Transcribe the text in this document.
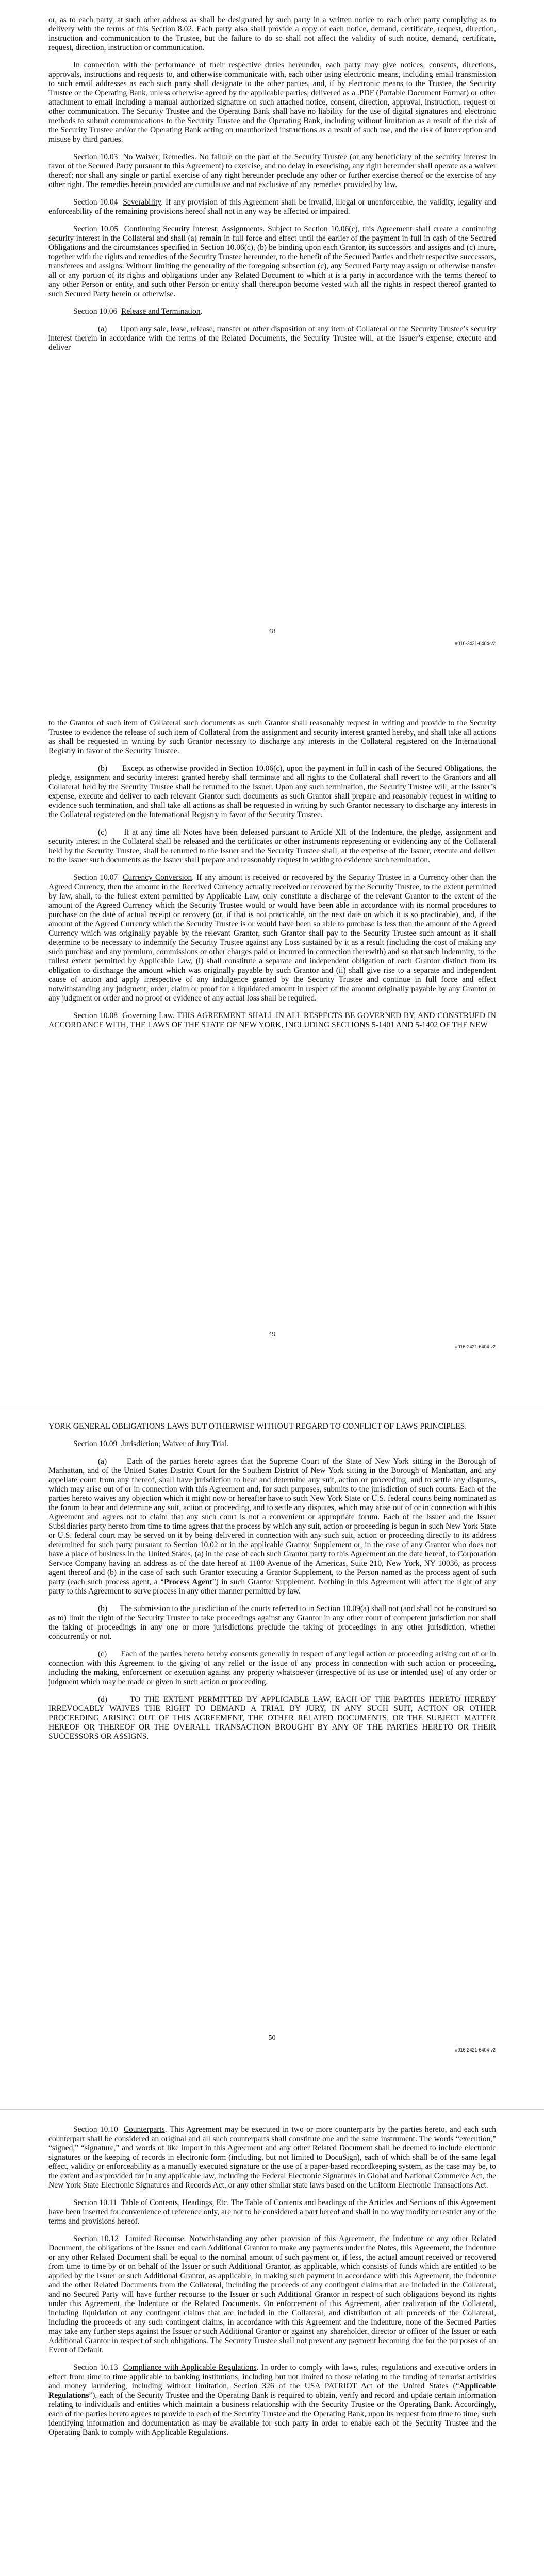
or, as to each party, at such other address as shall be designated by such party in a written notice to each other party complying as to delivery with the terms of this Section 8.02. Each party also shall provide a copy of each notice, demand, certificate, request, direction, instruction and communication to the Trustee, but the failure to do so shall not affect the validity of such notice, demand, certificate, request, direction, instruction or communication.

In connection with the performance of their respective duties hereunder, each party may give notices, consents, directions, approvals, instructions and requests to, and otherwise communicate with, each other using electronic means, including email transmission to such email addresses as each such party shall designate to the other parties, and, if by electronic means to the Trustee, the Security Trustee or the Operating Bank, unless otherwise agreed by the applicable parties, delivered as a .PDF (Portable Document Format) or other attachment to email including a manual authorized signature on such attached notice, consent, direction, approval, instruction, request or other communication. The Security Trustee and the Operating Bank shall have no liability for the use of digital signatures and electronic methods to submit communications to the Security Trustee and the Operating Bank, including without limitation as a result of the risk of the Security Trustee and/or the Operating Bank acting on unauthorized instructions as a result of such use, and the risk of interception and misuse by third parties.

Section 10.03 No Waiver; Remedies. No failure on the part of the Security Trustee (or any beneficiary of the security interest in favor of the Secured Party pursuant to this Agreement) to exercise, and no delay in exercising, any right hereunder shall operate as a waiver thereof; nor shall any single or partial exercise of any right hereunder preclude any other or further exercise thereof or the exercise of any other right. The remedies herein provided are cumulative and not exclusive of any remedies provided by law.

Section 10.04 Severability. If any provision of this Agreement shall be invalid, illegal or unenforceable, the validity, legality and enforceability of the remaining provisions hereof shall not in any way be affected or impaired.

Section 10.05 Continuing Security Interest; Assignments. Subject to Section 10.06(c), this Agreement shall create a continuing security interest in the Collateral and shall (a) remain in full force and effect until the earlier of the payment in full in cash of the Secured Obligations and the circumstances specified in Section 10.06(c), (b) be binding upon each Grantor, its successors and assigns and (c) inure, together with the rights and remedies of the Security Trustee hereunder, to the benefit of the Secured Parties and their respective successors, transferees and assigns. Without limiting the generality of the foregoing subsection (c), any Secured Party may assign or otherwise transfer all or any portion of its rights and obligations under any Related Document to which it is a party in accordance with the terms thereof to any other Person or entity, and such other Person or entity shall thereupon become vested with all the rights in respect thereof granted to such Secured Party herein or otherwise.

Section 10.06 Release and Termination.

(a)      Upon any sale, lease, release, transfer or other disposition of any item of Collateral or the Security Trustee’s security interest therein in accordance with the terms of the Related Documents, the Security Trustee will, at the Issuer’s expense, execute and deliver

48
#016-2421-6404-v2

to the Grantor of such item of Collateral such documents as such Grantor shall reasonably request in writing and provide to the Security Trustee to evidence the release of such item of Collateral from the assignment and security interest granted hereby, and shall take all actions as shall be requested in writing by such Grantor necessary to discharge any interests in the Collateral registered on the International Registry in favor of the Security Trustee.

(b)      Except as otherwise provided in Section 10.06(c), upon the payment in full in cash of the Secured Obligations, the pledge, assignment and security interest granted hereby shall terminate and all rights to the Collateral shall revert to the Grantors and all Collateral held by the Security Trustee shall be returned to the Issuer. Upon any such termination, the Security Trustee will, at the Issuer’s expense, execute and deliver to each relevant Grantor such documents as such Grantor shall prepare and reasonably request in writing to evidence such termination, and shall take all actions as shall be requested in writing by such Grantor necessary to discharge any interests in the Collateral registered on the International Registry in favor of the Security Trustee.

(c)      If at any time all Notes have been defeased pursuant to Article XII of the Indenture, the pledge, assignment and security interest in the Collateral shall be released and the certificates or other instruments representing or evidencing any of the Collateral held by the Security Trustee, shall be returned to the Issuer and the Security Trustee shall, at the expense of the Issuer, execute and deliver to the Issuer such documents as the Issuer shall prepare and reasonably request in writing to evidence such termination.

Section 10.07 Currency Conversion. If any amount is received or recovered by the Security Trustee in a Currency other than the Agreed Currency, then the amount in the Received Currency actually received or recovered by the Security Trustee, to the extent permitted by law, shall, to the fullest extent permitted by Applicable Law, only constitute a discharge of the relevant Grantor to the extent of the amount of the Agreed Currency which the Security Trustee would or would have been able in accordance with its normal procedures to purchase on the date of actual receipt or recovery (or, if that is not practicable, on the next date on which it is so practicable), and, if the amount of the Agreed Currency which the Security Trustee is or would have been so able to purchase is less than the amount of the Agreed Currency which was originally payable by the relevant Grantor, such Grantor shall pay to the Security Trustee such amount as it shall determine to be necessary to indemnify the Security Trustee against any Loss sustained by it as a result (including the cost of making any such purchase and any premium, commissions or other charges paid or incurred in connection therewith) and so that such indemnity, to the fullest extent permitted by Applicable Law, (i) shall constitute a separate and independent obligation of each Grantor distinct from its obligation to discharge the amount which was originally payable by such Grantor and (ii) shall give rise to a separate and independent cause of action and apply irrespective of any indulgence granted by the Security Trustee and continue in full force and effect notwithstanding any judgment, order, claim or proof for a liquidated amount in respect of the amount originally payable by any Grantor or any judgment or order and no proof or evidence of any actual loss shall be required.

Section 10.08 Governing Law. THIS AGREEMENT SHALL IN ALL RESPECTS BE GOVERNED BY, AND CONSTRUED IN ACCORDANCE WITH, THE LAWS OF THE STATE OF NEW YORK, INCLUDING SECTIONS 5-1401 AND 5-1402 OF THE NEW

49
#016-2421-6404-v2

YORK GENERAL OBLIGATIONS LAWS BUT OTHERWISE WITHOUT REGARD TO CONFLICT OF LAWS PRINCIPLES.

Section 10.09 Jurisdiction; Waiver of Jury Trial.

(a)      Each of the parties hereto agrees that the Supreme Court of the State of New York sitting in the Borough of Manhattan, and of the United States District Court for the Southern District of New York sitting in the Borough of Manhattan, and any appellate court from any thereof, shall have jurisdiction to hear and determine any suit, action or proceeding, and to settle any disputes, which may arise out of or in connection with this Agreement and, for such purposes, submits to the jurisdiction of such courts. Each of the parties hereto waives any objection which it might now or hereafter have to such New York State or U.S. federal courts being nominated as the forum to hear and determine any suit, action or proceeding, and to settle any disputes, which may arise out of or in connection with this Agreement and agrees not to claim that any such court is not a convenient or appropriate forum. Each of the Issuer and the Issuer Subsidiaries party hereto from time to time agrees that the process by which any suit, action or proceeding is begun in such New York State or U.S. federal court may be served on it by being delivered in connection with any such suit, action or proceeding directly to its address determined for such party pursuant to Section 10.02 or in the applicable Grantor Supplement or, in the case of any Grantor who does not have a place of business in the United States, (a) in the case of each such Grantor party to this Agreement on the date hereof, to Corporation Service Company having an address as of the date hereof at 1180 Avenue of the Americas, Suite 210, New York, NY 10036, as process agent thereof and (b) in the case of each such Grantor executing a Grantor Supplement, to the Person named as the process agent of such party (each such process agent, a “Process Agent”) in such Grantor Supplement. Nothing in this Agreement will affect the right of any party to this Agreement to serve process in any other manner permitted by law.

(b)      The submission to the jurisdiction of the courts referred to in Section 10.09(a) shall not (and shall not be construed so as to) limit the right of the Security Trustee to take proceedings against any Grantor in any other court of competent jurisdiction nor shall the taking of proceedings in any one or more jurisdictions preclude the taking of proceedings in any other jurisdiction, whether concurrently or not.

(c)      Each of the parties hereto hereby consents generally in respect of any legal action or proceeding arising out of or in connection with this Agreement to the giving of any relief or the issue of any process in connection with such action or proceeding, including the making, enforcement or execution against any property whatsoever (irrespective of its use or intended use) of any order or judgment which may be made or given in such action or proceeding.

(d)      TO THE EXTENT PERMITTED BY APPLICABLE LAW, EACH OF THE PARTIES HERETO HEREBY IRREVOCABLY WAIVES THE RIGHT TO DEMAND A TRIAL BY JURY, IN ANY SUCH SUIT, ACTION OR OTHER PROCEEDING ARISING OUT OF THIS AGREEMENT, THE OTHER RELATED DOCUMENTS, OR THE SUBJECT MATTER HEREOF OR THEREOF OR THE OVERALL TRANSACTION BROUGHT BY ANY OF THE PARTIES HERETO OR THEIR SUCCESSORS OR ASSIGNS.

50
#016-2421-6404-v2

Section 10.10 Counterparts. This Agreement may be executed in two or more counterparts by the parties hereto, and each such counterpart shall be considered an original and all such counterparts shall constitute one and the same instrument. The words “execution,” “signed,” “signature,” and words of like import in this Agreement and any other Related Document shall be deemed to include electronic signatures or the keeping of records in electronic form (including, but not limited to DocuSign), each of which shall be of the same legal effect, validity or enforceability as a manually executed signature or the use of a paper-based recordkeeping system, as the case may be, to the extent and as provided for in any applicable law, including the Federal Electronic Signatures in Global and National Commerce Act, the New York State Electronic Signatures and Records Act, or any other similar state laws based on the Uniform Electronic Transactions Act.

Section 10.11 Table of Contents, Headings, Etc. The Table of Contents and headings of the Articles and Sections of this Agreement have been inserted for convenience of reference only, are not to be considered a part hereof and shall in no way modify or restrict any of the terms and provisions hereof.

Section 10.12 Limited Recourse. Notwithstanding any other provision of this Agreement, the Indenture or any other Related Document, the obligations of the Issuer and each Additional Grantor to make any payments under the Notes, this Agreement, the Indenture or any other Related Document shall be equal to the nominal amount of such payment or, if less, the actual amount received or recovered from time to time by or on behalf of the Issuer or such Additional Grantor, as applicable, which consists of funds which are entitled to be applied by the Issuer or such Additional Grantor, as applicable, in making such payment in accordance with this Agreement, the Indenture and the other Related Documents from the Collateral, including the proceeds of any contingent claims that are included in the Collateral, and no Secured Party will have further recourse to the Issuer or such Additional Grantor in respect of such obligations beyond its rights under this Agreement, the Indenture or the Related Documents. On enforcement of this Agreement, after realization of the Collateral, including liquidation of any contingent claims that are included in the Collateral, and distribution of all proceeds of the Collateral, including the proceeds of any such contingent claims, in accordance with this Agreement and the Indenture, none of the Secured Parties may take any further steps against the Issuer or such Additional Grantor or against any shareholder, director or officer of the Issuer or each Additional Grantor in respect of such obligations. The Security Trustee shall not prevent any payment becoming due for the purposes of an Event of Default.

Section 10.13 Compliance with Applicable Regulations. In order to comply with laws, rules, regulations and executive orders in effect from time to time applicable to banking institutions, including but not limited to those relating to the funding of terrorist activities and money laundering, including without limitation, Section 326 of the USA PATRIOT Act of the United States (“Applicable Regulations”), each of the Security Trustee and the Operating Bank is required to obtain, verify and record and update certain information relating to individuals and entities which maintain a business relationship with the Security Trustee or the Operating Bank. Accordingly, each of the parties hereto agrees to provide to each of the Security Trustee and the Operating Bank, upon its request from time to time, such identifying information and documentation as may be available for such party in order to enable each of the Security Trustee and the Operating Bank to comply with Applicable Regulations.
